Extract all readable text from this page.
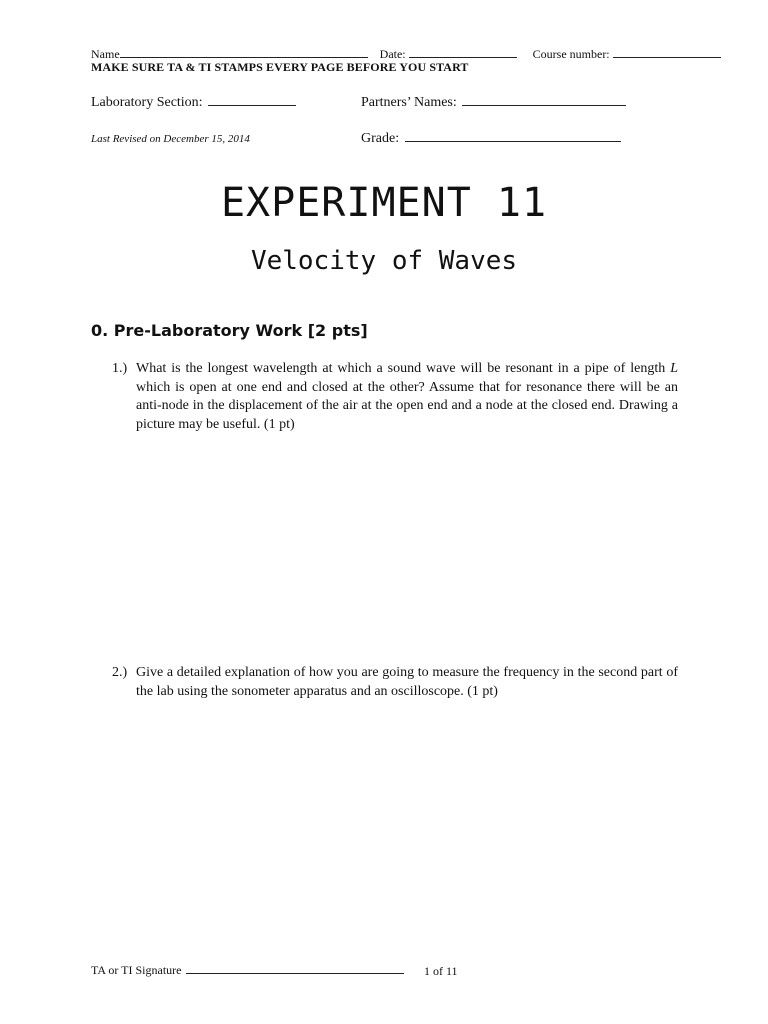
Name	Date:	Course number:
MAKE SURE TA & TI STAMPS EVERY PAGE BEFORE YOU START
Laboratory Section:	Partners’ Names:
Last Revised on December 15, 2014	Grade:
EXPERIMENT 11
Velocity of Waves
0. Pre-Laboratory Work [2 pts]
1.) What is the longest wavelength at which a sound wave will be resonant in a pipe of length L which is open at one end and closed at the other? Assume that for resonance there will be an anti-node in the displacement of the air at the open end and a node at the closed end. Drawing a picture may be useful. (1 pt)
2.) Give a detailed explanation of how you are going to measure the frequency in the second part of the lab using the sonometer apparatus and an oscilloscope. (1 pt)
TA or TI Signature	1 of 11
